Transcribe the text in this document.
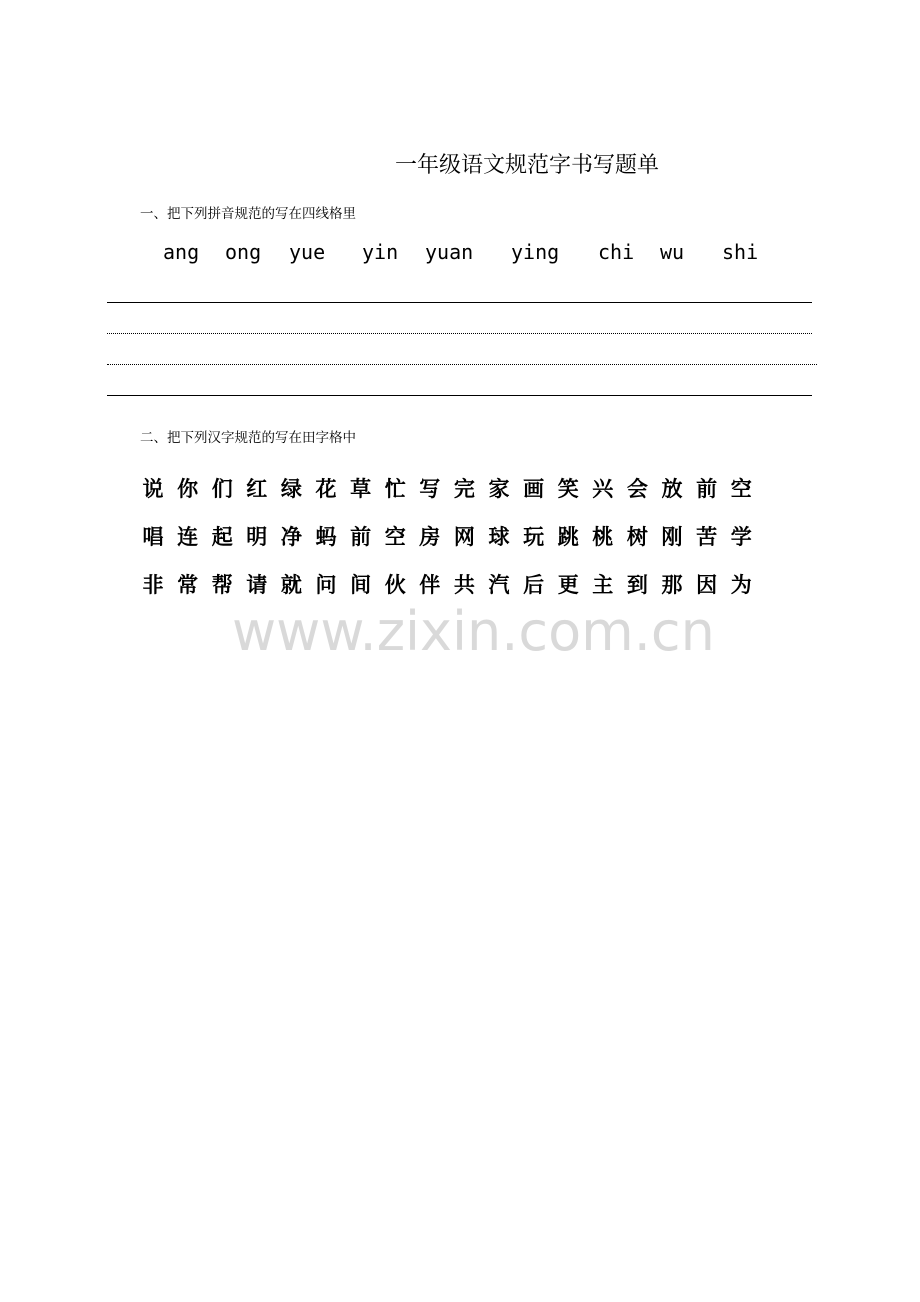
一年级语文规范字书写题单
一、把下列拼音规范的写在四线格里
ang ong yue yin yuan ying chi wu shi
二、把下列汉字规范的写在田字格中
说 你 们 红 绿 花 草 忙 写 完 家 画 笑 兴 会 放 前 空
唱 连 起 明 净 蚂 前 空 房 网 球 玩 跳 桃 树 刚 苦 学
非 常 帮 请 就 问 间 伙 伴 共 汽 后 更 主 到 那 因 为
www.zixin.com.cn
